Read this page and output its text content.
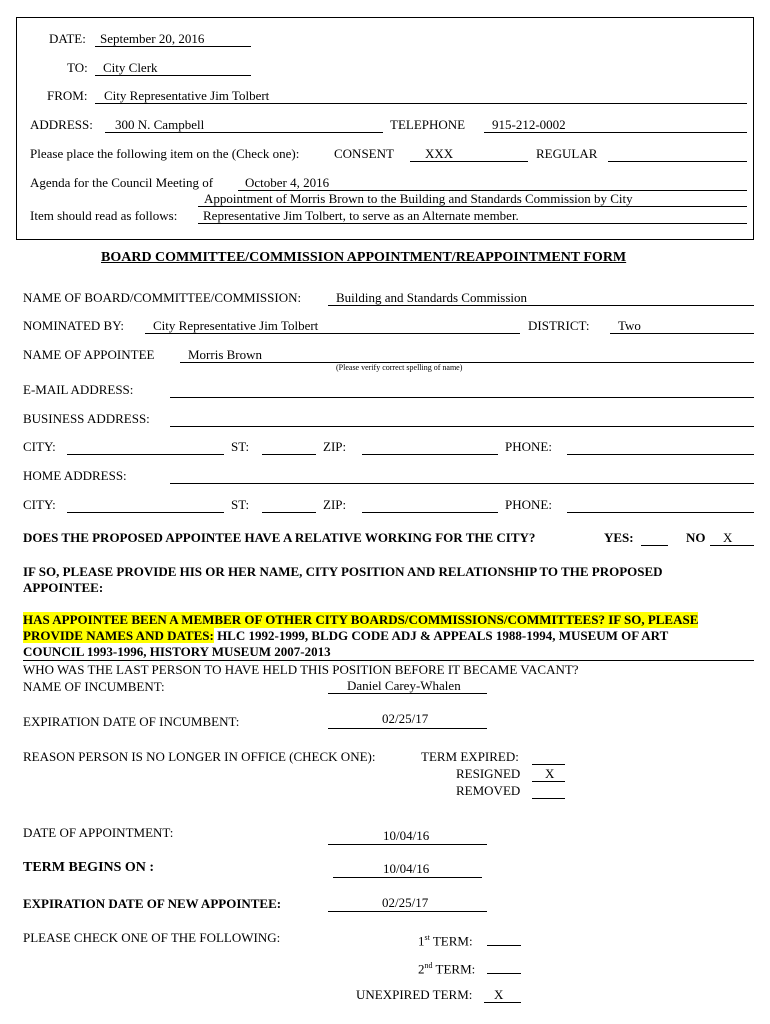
DATE: September 20, 2016
TO: City Clerk
FROM: City Representative Jim Tolbert
ADDRESS: 300 N. Campbell	TELEPHONE 915-212-0002
Please place the following item on the (Check one):	CONSENT XXX	REGULAR
Agenda for the Council Meeting of October 4, 2016
Appointment of Morris Brown to the Building and Standards Commission by City
Item should read as follows: Representative Jim Tolbert, to serve as an Alternate member.
BOARD COMMITTEE/COMMISSION APPOINTMENT/REAPPOINTMENT FORM
NAME OF BOARD/COMMITTEE/COMMISSION:	Building and Standards Commission
NOMINATED BY: City Representative Jim Tolbert	DISTRICT: Two
NAME OF APPOINTEE	Morris Brown
(Please verify correct spelling of name)
E-MAIL ADDRESS:
BUSINESS ADDRESS:
CITY:	ST:	ZIP:	PHONE:
HOME ADDRESS:
CITY:	ST:	ZIP:	PHONE:
DOES THE PROPOSED APPOINTEE HAVE A RELATIVE WORKING FOR THE CITY?	YES:	NO X
IF SO, PLEASE PROVIDE HIS OR HER NAME, CITY POSITION AND RELATIONSHIP TO THE PROPOSED
APPOINTEE:
HAS APPOINTEE BEEN A MEMBER OF OTHER CITY BOARDS/COMMISSIONS/COMMITTEES? IF SO, PLEASE
PROVIDE NAMES AND DATES: HLC 1992-1999, BLDG CODE ADJ & APPEALS 1988-1994, MUSEUM OF ART
COUNCIL 1993-1996, HISTORY MUSEUM 2007-2013
WHO WAS THE LAST PERSON TO HAVE HELD THIS POSITION BEFORE IT BECAME VACANT?
NAME OF INCUMBENT:	Daniel Carey-Whalen
EXPIRATION DATE OF INCUMBENT:	02/25/17
REASON PERSON IS NO LONGER IN OFFICE (CHECK ONE):	TERM EXPIRED:
RESIGNED X
REMOVED
DATE OF APPOINTMENT:	10/04/16
TERM BEGINS ON :	10/04/16
EXPIRATION DATE OF NEW APPOINTEE:	02/25/17
PLEASE CHECK ONE OF THE FOLLOWING:	1st TERM:
2nd TERM:
UNEXPIRED TERM: X
